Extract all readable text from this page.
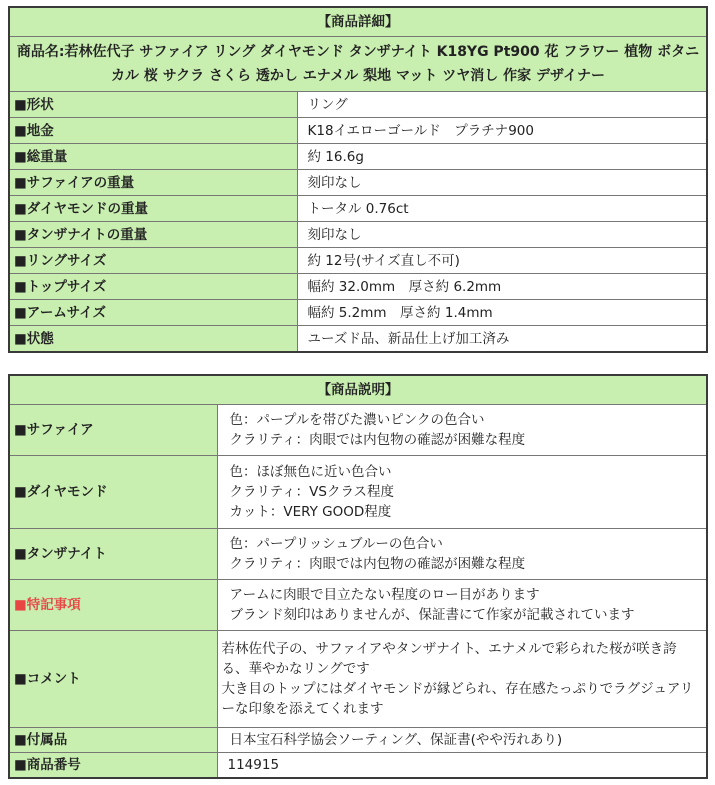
【商品詳細】	
商品名:若林佐代子 サファイア リング ダイヤモンド タンザナイト K18YG Pt900 花 フラワー 植物 ボタニカル 桜 サクラ さくら 透かし エナメル 梨地 マット ツヤ消し 作家 デザイナー	
■形状	リング
■地金	K18イエローゴールド　プラチナ900
■総重量	約 16.6g
■サファイアの重量	刻印なし
■ダイヤモンドの重量	トータル 0.76ct
■タンザナイトの重量	刻印なし
■リングサイズ	約 12号(サイズ直し不可)
■トップサイズ	幅約 32.0mm　厚さ約 6.2mm
■アームサイズ	幅約 5.2mm　厚さ約 1.4mm
■状態	ユーズド品、新品仕上げ加工済み
【商品説明】	
■サファイア	色：パープルを帯びた濃いピンクの色合い
クラリティ：肉眼では内包物の確認が困難な程度

■ダイヤモンド	色：ほぼ無色に近い色合い
クラリティ：VSクラス程度
カット：VERY GOOD程度

■タンザナイト	色：パープリッシュブルーの色合い
クラリティ：肉眼では内包物の確認が困難な程度

■特記事項	アームに肉眼で目立たない程度のロー目があります
ブランド刻印はありませんが、保証書にて作家が記載されています

■コメント	若林佐代子の、サファイアやタンザナイト、エナメルで彩られた桜が咲き誇る、華やかなリングです
大き目のトップにはダイヤモンドが縁どられ、存在感たっぷりでラグジュアリーな印象を添えてくれます

■付属品	日本宝石科学協会ソーティング、保証書(やや汚れあり)
■商品番号	114915
